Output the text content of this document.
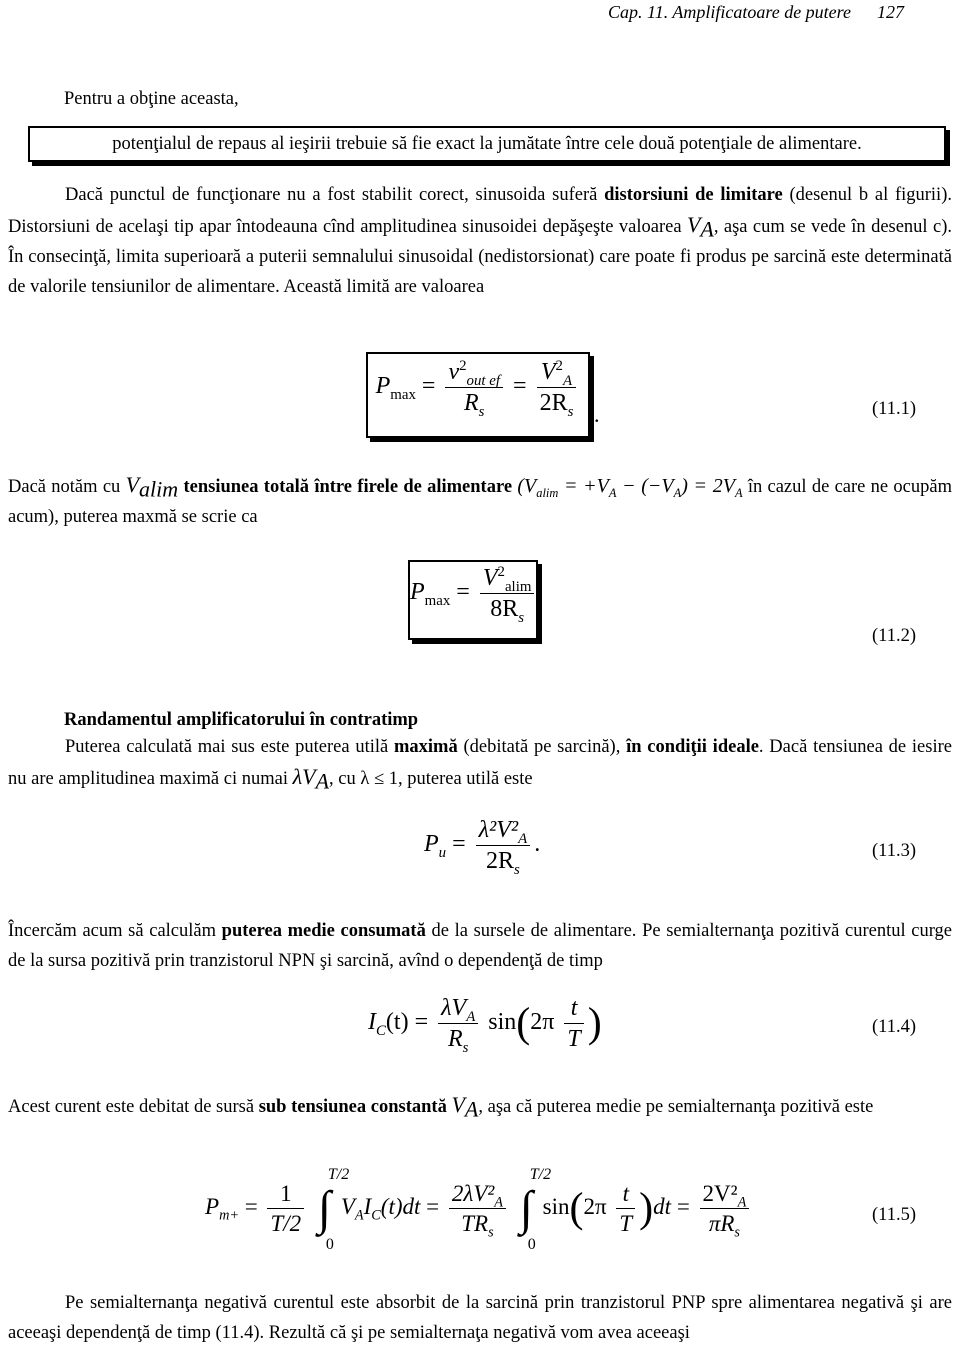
Cap. 11. Amplificatoare de putere 127
Pentru a obţine aceasta,
potenţialul de repaus al ieşirii trebuie să fie exact la jumătate între cele două potenţiale de alimentare.
Dacă punctul de funcţionare nu a fost stabilit corect, sinusoida suferă distorsiuni de limitare (desenul b al figurii). Distorsiuni de acelaşi tip apar întodeauna cînd amplitudinea sinusoidei depăşeşte valoarea $V_A$, aşa cum se vede în desenul c). În consecinţă, limita superioară a puterii semnalului sinusoidal (nedistorsionat) care poate fi produs pe sarcină este determinată de valorile tensiunilor de alimentare. Această limită are valoarea
$P_{max} = \frac{v^2_{out ef}}{R_s} = \frac{V^2_A}{2R_s}$ .	(11.1)
Dacă notăm cu $V_{alim}$ tensiunea totală între firele de alimentare ($V_{alim} = +V_A - (-V_A) = 2V_A$ în cazul de care ne ocupăm acum), puterea maxmă se scrie ca
$P_{max} = \frac{V^2_{alim}}{8R_s}$
(11.2)
Randamentul amplificatorului în contratimp
Puterea calculată mai sus este puterea utilă maximă (debitată pe sarcină), în condiţii ideale. Dacă tensiunea de iesire nu are amplitudinea maximă ci numai $\lambda V_A$, cu λ ≤ 1, puterea utilă este
$P_u = \frac{\lambda^2V^2_A}{2R_s}$ .	(11.3)
Încercăm acum să calculăm puterea medie consumată de la sursele de alimentare. Pe semialternanţa pozitivă curentul curge de la sursa pozitivă prin tranzistorul NPN şi sarcină, avînd o dependenţă de timp
$I_C(t) = \frac{\lambda V_A}{R_s} \sin(2\pi \frac{t}{T}$ )	(11.4)
Acest curent este debitat de sursă sub tensiunea constantă $V_A$, aşa că puterea medie pe semialternanţa pozitivă este
$P_{m+} = \frac{1}{T/2}$ ∫
T/2
0
$V_AI_C(t)dt = \frac{2\lambda V^2_A}{TR_s}$ ∫
T/2
0
$\sin(2\pi \frac{t}{T} )dt = \frac{2V^2_A}{\pi R_s}$	(11.5)
Pe semialternanţa negativă curentul este absorbit de la sarcină prin tranzistorul PNP spre alimentarea negativă şi are aceeaşi dependenţă de timp (11.4). Rezultă că şi pe semialternaţa negativă vom avea aceeaşi
